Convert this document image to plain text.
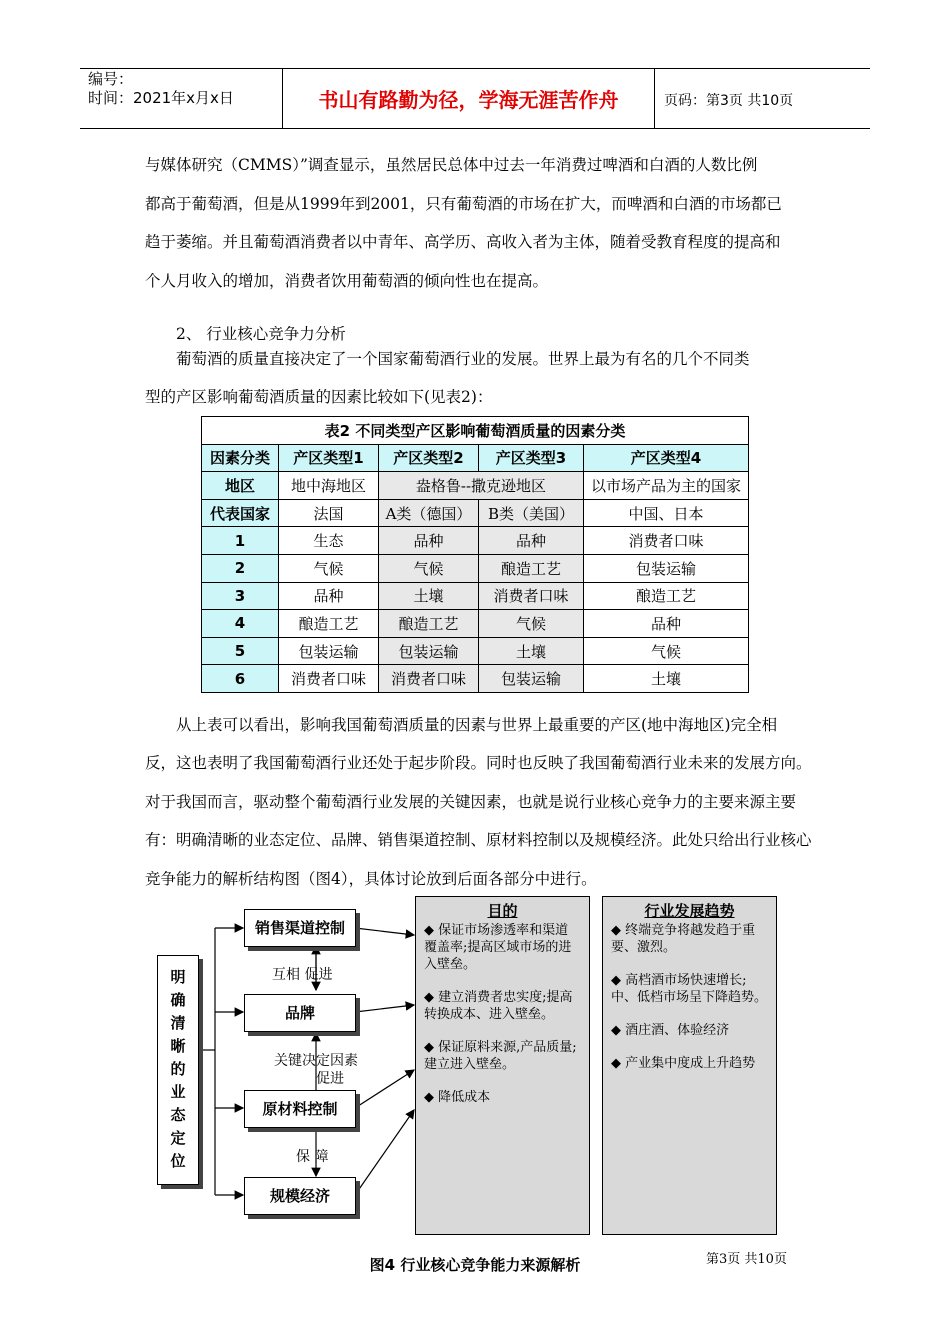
编号：
时间：2021年x月x日	书山有路勤为径，学海无涯苦作舟	页码：第3页 共10页
与媒体研究（CMMS）”调查显示，虽然居民总体中过去一年消费过啤酒和白酒的人数比例
都高于葡萄酒，但是从1999年到2001，只有葡萄酒的市场在扩大，而啤酒和白酒的市场都已
趋于萎缩。并且葡萄酒消费者以中青年、高学历、高收入者为主体，随着受教育程度的提高和
个人月收入的增加，消费者饮用葡萄酒的倾向性也在提高。
2、 行业核心竞争力分析
葡萄酒的质量直接决定了一个国家葡萄酒行业的发展。世界上最为有名的几个不同类
型的产区影响葡萄酒质量的因素比较如下(见表2)：
表2 不同类型产区影响葡萄酒质量的因素分类				
因素分类	产区类型1	产区类型2	产区类型3	产区类型4
地区	地中海地区	盎格鲁--撒克逊地区		以市场产品为主的国家
代表国家	法国	A类（德国）	B类（美国）	中国、日本
1	生态	品种	品种	消费者口味
2	气候	气候	酿造工艺	包装运输
3	品种	土壤	消费者口味	酿造工艺
4	酿造工艺	酿造工艺	气候	品种
5	包装运输	包装运输	土壤	气候
6	消费者口味	消费者口味	包装运输	土壤
从上表可以看出，影响我国葡萄酒质量的因素与世界上最重要的产区(地中海地区)完全相
反，这也表明了我国葡萄酒行业还处于起步阶段。同时也反映了我国葡萄酒行业未来的发展方向。
对于我国而言，驱动整个葡萄酒行业发展的关键因素，也就是说行业核心竞争力的主要来源主要
有：明确清晰的业态定位、品牌、销售渠道控制、原材料控制以及规模经济。此处只给出行业核心
竞争能力的解析结构图（图4），具体讨论放到后面各部分中进行。
明确清晰的业态定位
销售渠道控制
品牌
原材料控制
规模经济
互相 促进
关键决定因素
促进
保 障
目的
◆ 保证市场渗透率和渠道覆盖率;提高区域市场的进入壁垒。
◆ 建立消费者忠实度;提高转换成本、进入壁垒。
◆ 保证原料来源,产品质量;建立进入壁垒。
◆ 降低成本
行业发展趋势
◆ 终端竞争将越发趋于重要、激烈。
◆ 高档酒市场快速增长;中、低档市场呈下降趋势。
◆ 酒庄酒、体验经济
◆ 产业集中度成上升趋势
图4 行业核心竞争能力来源解析	第3页 共10页
